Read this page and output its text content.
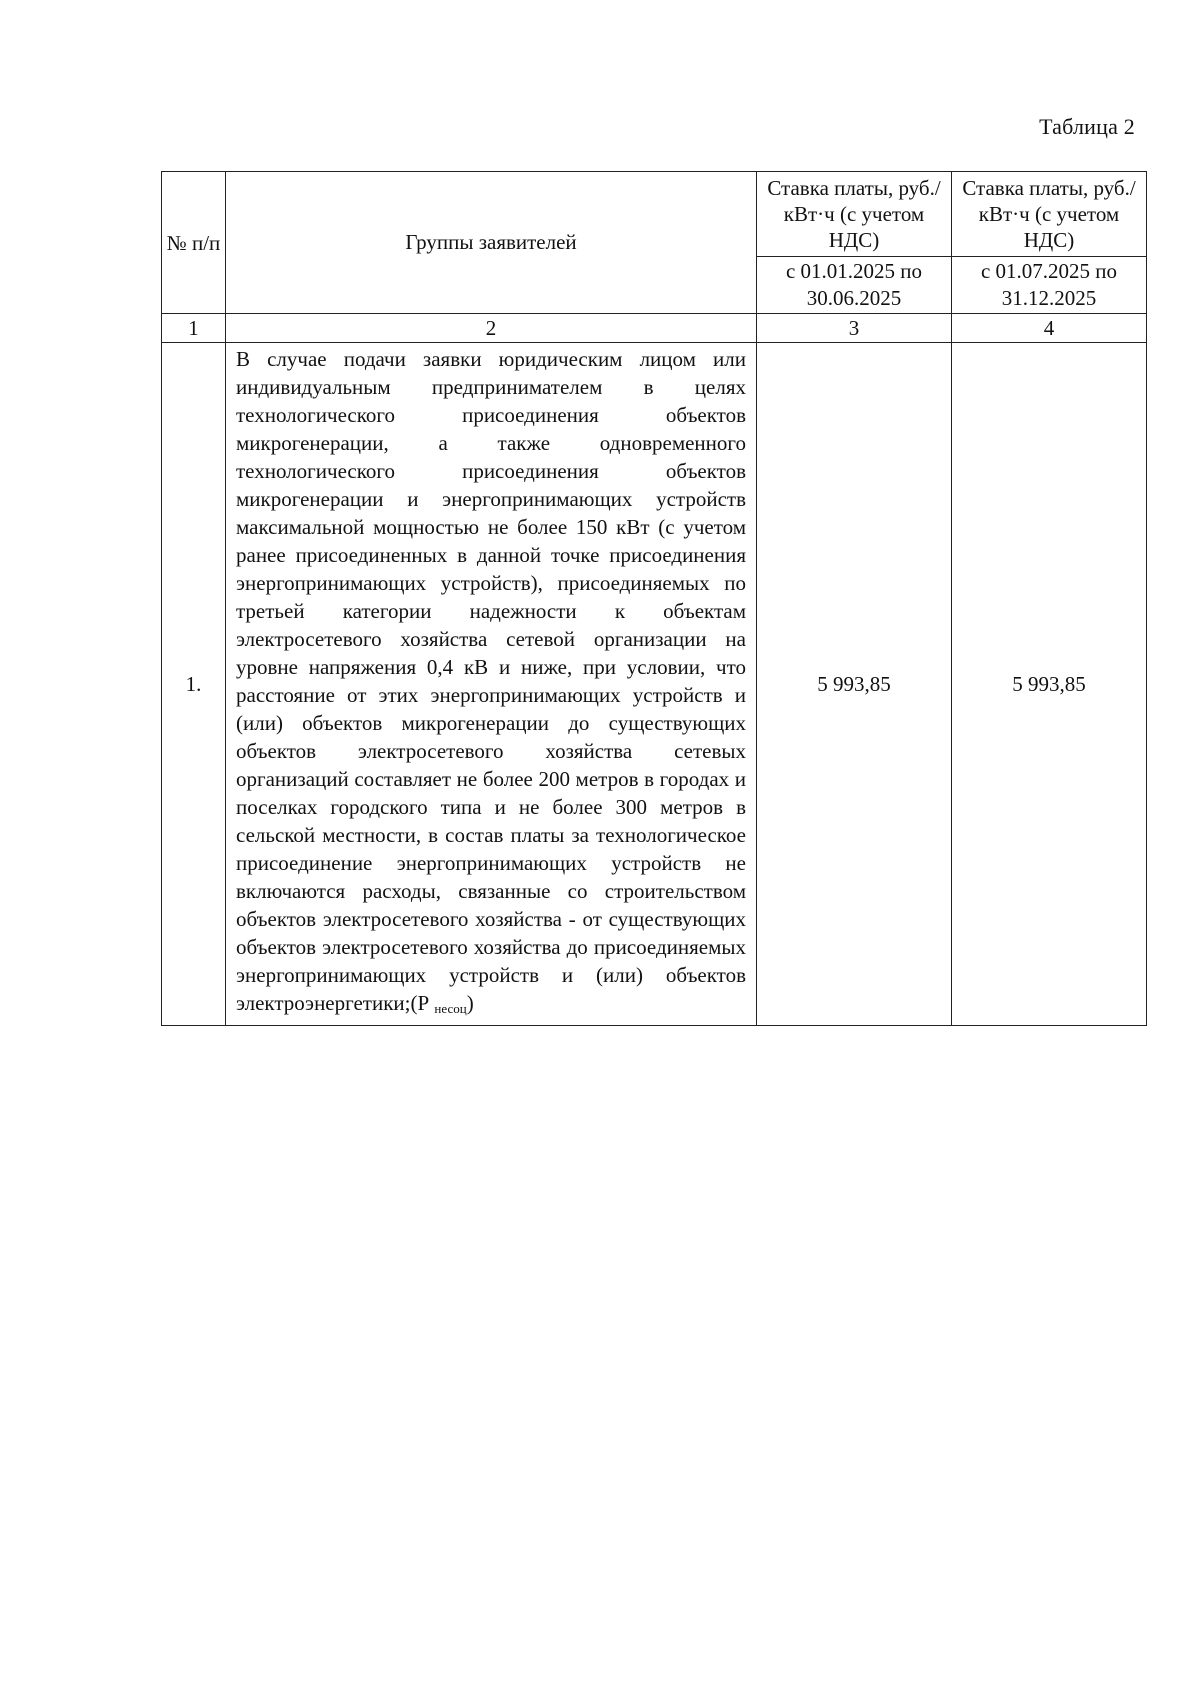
Таблица 2
№ п/п	Группы заявителей	Ставка платы, руб./кВт·ч (с учетом НДС)	Ставка платы, руб./кВт·ч (с учетом НДС)
		с 01.01.2025 по 30.06.2025	с 01.07.2025 по 31.12.2025
1	2	3	4
1.	В случае подачи заявки юридическим лицом или индивидуальным предпринимателем в целях технологического присоединения объектов микрогенерации, а также одновременного технологического присоединения объектов микрогенерации и энергопринимающих устройств максимальной мощностью не более 150 кВт (с учетом ранее присоединенных в данной точке присоединения энергопринимающих устройств), присоединяемых по третьей категории надежности к объектам электросетевого хозяйства сетевой организации на уровне напряжения 0,4 кВ и ниже, при условии, что расстояние от этих энергопринимающих устройств и (или) объектов микрогенерации до существующих объектов электросетевого хозяйства сетевых организаций составляет не более 200 метров в городах и поселках городского типа и не более 300 метров в сельской местности, в состав платы за технологическое присоединение энергопринимающих устройств не включаются расходы, связанные со строительством объектов электросетевого хозяйства - от существующих объектов электросетевого хозяйства до присоединяемых энергопринимающих устройств и (или) объектов электроэнергетики;(Р $_{несоц}$)	5 993,85	5 993,85
